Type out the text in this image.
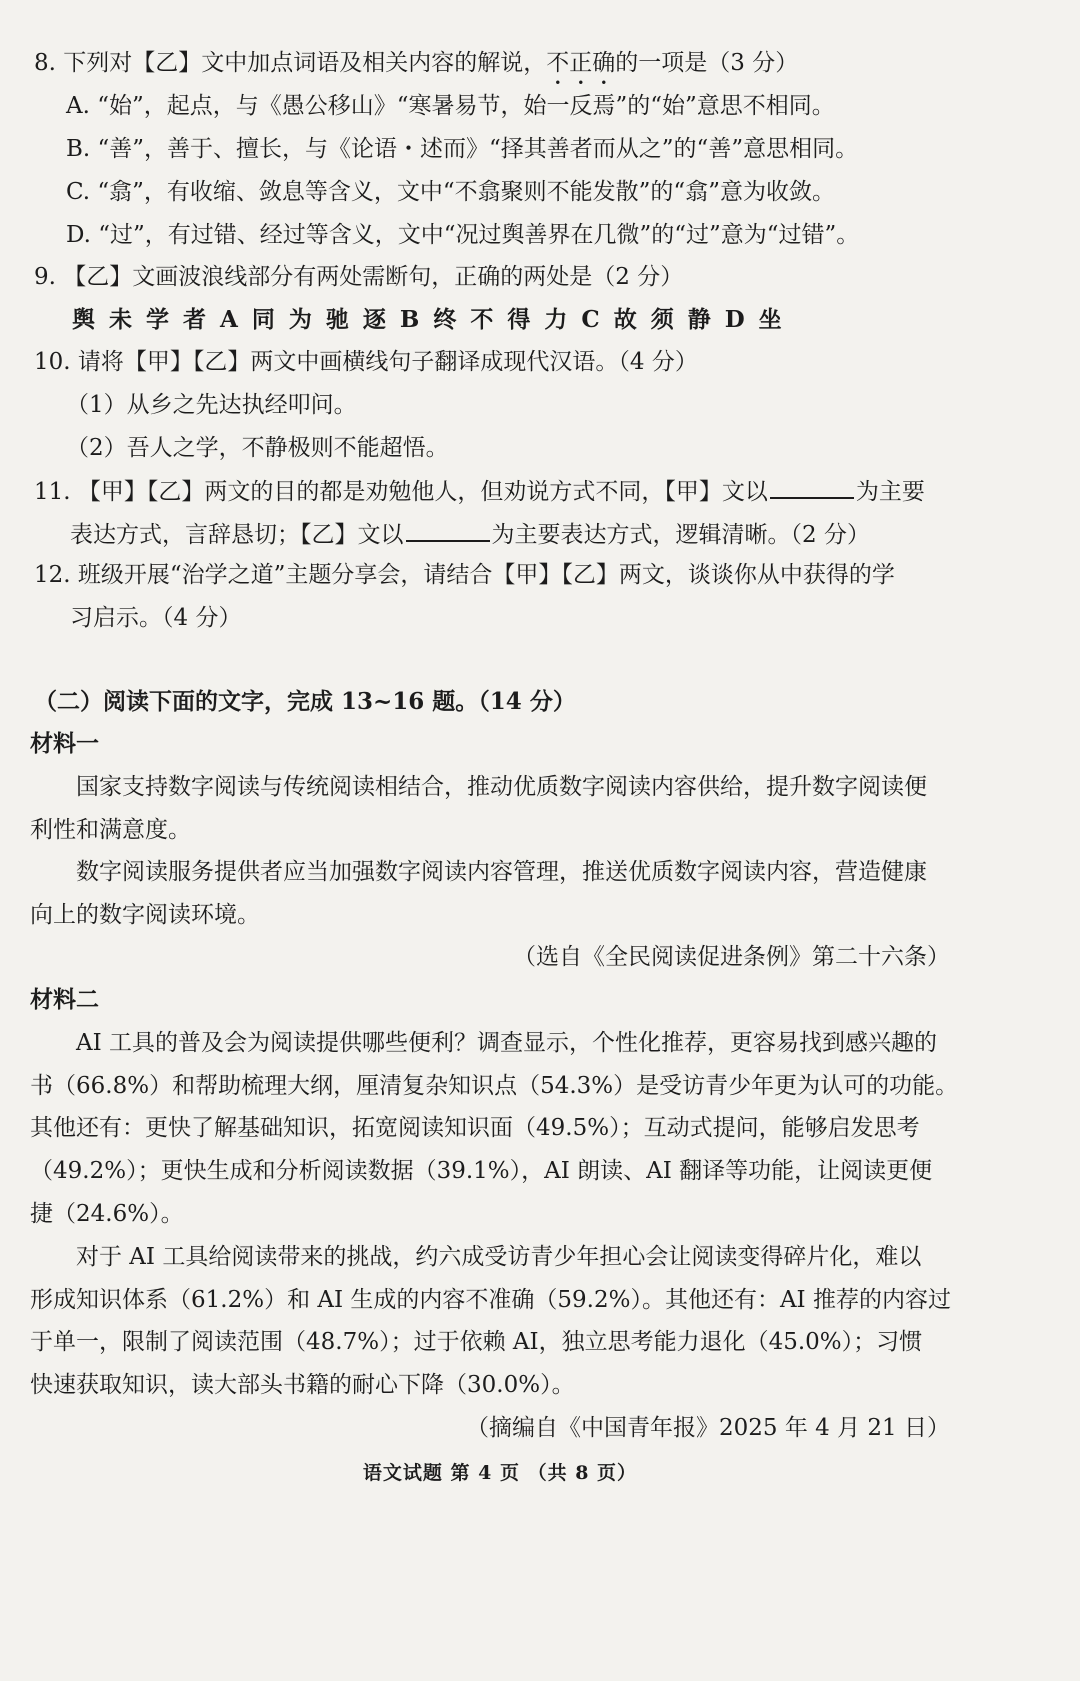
8. 下列对【乙】文中加点词语及相关内容的解说，不正确的一项是（3 分）
A. “始”，起点，与《愚公移山》“寒暑易节，始一反焉”的“始”意思不相同。
B. “善”，善于、擅长，与《论语・述而》“择其善者而从之”的“善”意思相同。
C. “翕”，有收缩、敛息等含义，文中“不翕聚则不能发散”的“翕”意为收敛。
D. “过”，有过错、经过等含义，文中“况过舆善界在几微”的“过”意为“过错”。
9. 【乙】文画波浪线部分有两处需断句，正确的两处是（2 分）
舆 未 学 者 A 同 为 驰 逐 B 终 不 得 力 C 故 须 静 D 坐
10. 请将【甲】【乙】两文中画横线句子翻译成现代汉语。（4 分）
（1）从乡之先达执经叩问。
（2）吾人之学，不静极则不能超悟。
11. 【甲】【乙】两文的目的都是劝勉他人，但劝说方式不同，【甲】文以	为主要
表达方式，言辞恳切；【乙】文以	为主要表达方式，逻辑清晰。（2 分）
12. 班级开展“治学之道”主题分享会，请结合【甲】【乙】两文，谈谈你从中获得的学
习启示。（4 分）
（二）阅读下面的文字，完成 13~16 题。（14 分）
材料一
国家支持数字阅读与传统阅读相结合，推动优质数字阅读内容供给，提升数字阅读便
利性和满意度。
数字阅读服务提供者应当加强数字阅读内容管理，推送优质数字阅读内容，营造健康
向上的数字阅读环境。
（选自《全民阅读促进条例》第二十六条）
材料二
AI 工具的普及会为阅读提供哪些便利？调查显示，个性化推荐，更容易找到感兴趣的
书（66.8%）和帮助梳理大纲，厘清复杂知识点（54.3%）是受访青少年更为认可的功能。
其他还有：更快了解基础知识，拓宽阅读知识面（49.5%）；互动式提问，能够启发思考
（49.2%）；更快生成和分析阅读数据（39.1%），AI 朗读、AI 翻译等功能，让阅读更便
捷（24.6%）。
对于 AI 工具给阅读带来的挑战，约六成受访青少年担心会让阅读变得碎片化，难以
形成知识体系（61.2%）和 AI 生成的内容不准确（59.2%）。其他还有：AI 推荐的内容过
于单一，限制了阅读范围（48.7%）；过于依赖 AI，独立思考能力退化（45.0%）；习惯
快速获取知识，读大部头书籍的耐心下降（30.0%）。
（摘编自《中国青年报》2025 年 4 月 21 日）
语文试题 第 4 页 （共 8 页）
